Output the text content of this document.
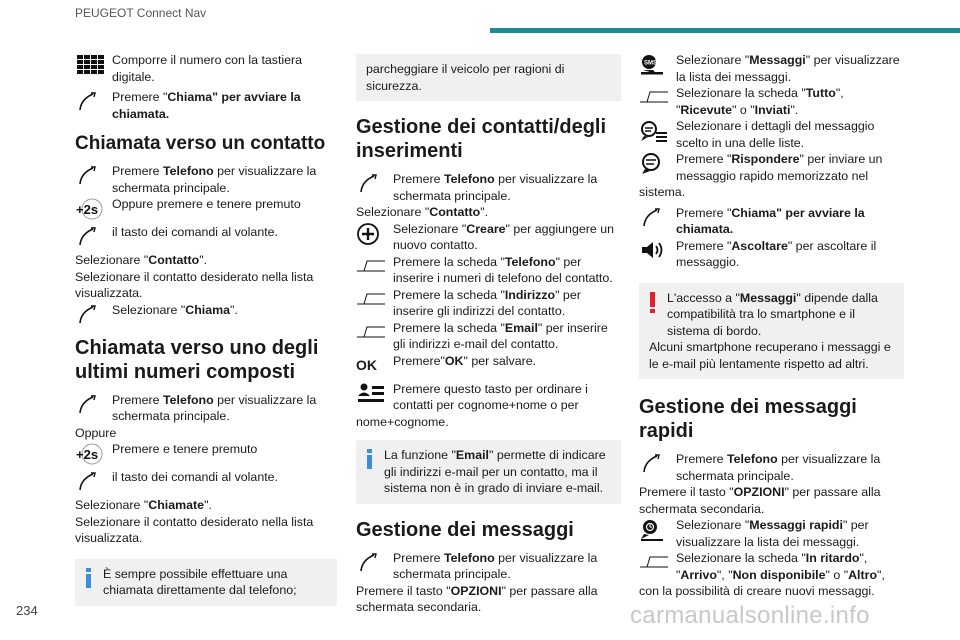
PEUGEOT Connect Nav

Comporre il numero con la tastiera digitale.

Premere "Chiama" per avviare la chiamata.

Chiamata verso un contatto

Premere Telefono per visualizzare la schermata principale.

+2s Oppure premere e tenere premuto

il tasto dei comandi al volante.

Selezionare "Contatto".

Selezionare il contatto desiderato nella lista visualizzata.

Selezionare "Chiama".

Chiamata verso uno degli ultimi numeri composti

Premere Telefono per visualizzare la schermata principale.

Oppure

+2s Premere e tenere premuto

il tasto dei comandi al volante.

Selezionare "Chiamate".

Selezionare il contatto desiderato nella lista visualizzata.

È sempre possibile effettuare una chiamata direttamente dal telefono;

parcheggiare il veicolo per ragioni di sicurezza.

Gestione dei contatti/degli inserimenti

Premere Telefono per visualizzare la schermata principale.

Selezionare "Contatto".

Selezionare "Creare" per aggiungere un nuovo contatto.

Premere la scheda "Telefono" per inserire i numeri di telefono del contatto.

Premere la scheda "Indirizzo" per inserire gli indirizzi del contatto.

Premere la scheda "Email" per inserire gli indirizzi e-mail del contatto.

OK	Premere"OK" per salvare.

Premere questo tasto per ordinare i contatti per cognome+nome o per nome+cognome.

La funzione "Email" permette di indicare gli indirizzi e-mail per un contatto, ma il sistema non è in grado di inviare e-mail.

Gestione dei messaggi

Premere Telefono per visualizzare la schermata principale.

Premere il tasto "OPZIONI" per passare alla schermata secondaria.

SMS Selezionare "Messaggi" per visualizzare la lista dei messaggi.

Selezionare la scheda "Tutto", "Ricevute" o "Inviati".

Selezionare i dettagli del messaggio scelto in una delle liste.

Premere "Rispondere" per inviare un messaggio rapido memorizzato nel sistema.

Premere "Chiama" per avviare la chiamata.

Premere "Ascoltare" per ascoltare il messaggio.

L'accesso a "Messaggi" dipende dalla compatibilità tra lo smartphone e il sistema di bordo.

Alcuni smartphone recuperano i messaggi e le e-mail più lentamente rispetto ad altri.

Gestione dei messaggi rapidi

Premere Telefono per visualizzare la schermata principale.

Premere il tasto "OPZIONI" per passare alla schermata secondaria.

Selezionare "Messaggi rapidi" per visualizzare la lista dei messaggi.

Selezionare la scheda "In ritardo", "Arrivo", "Non disponibile" o "Altro", con la possibilità di creare nuovi messaggi.

234	carmanualsonline.info
